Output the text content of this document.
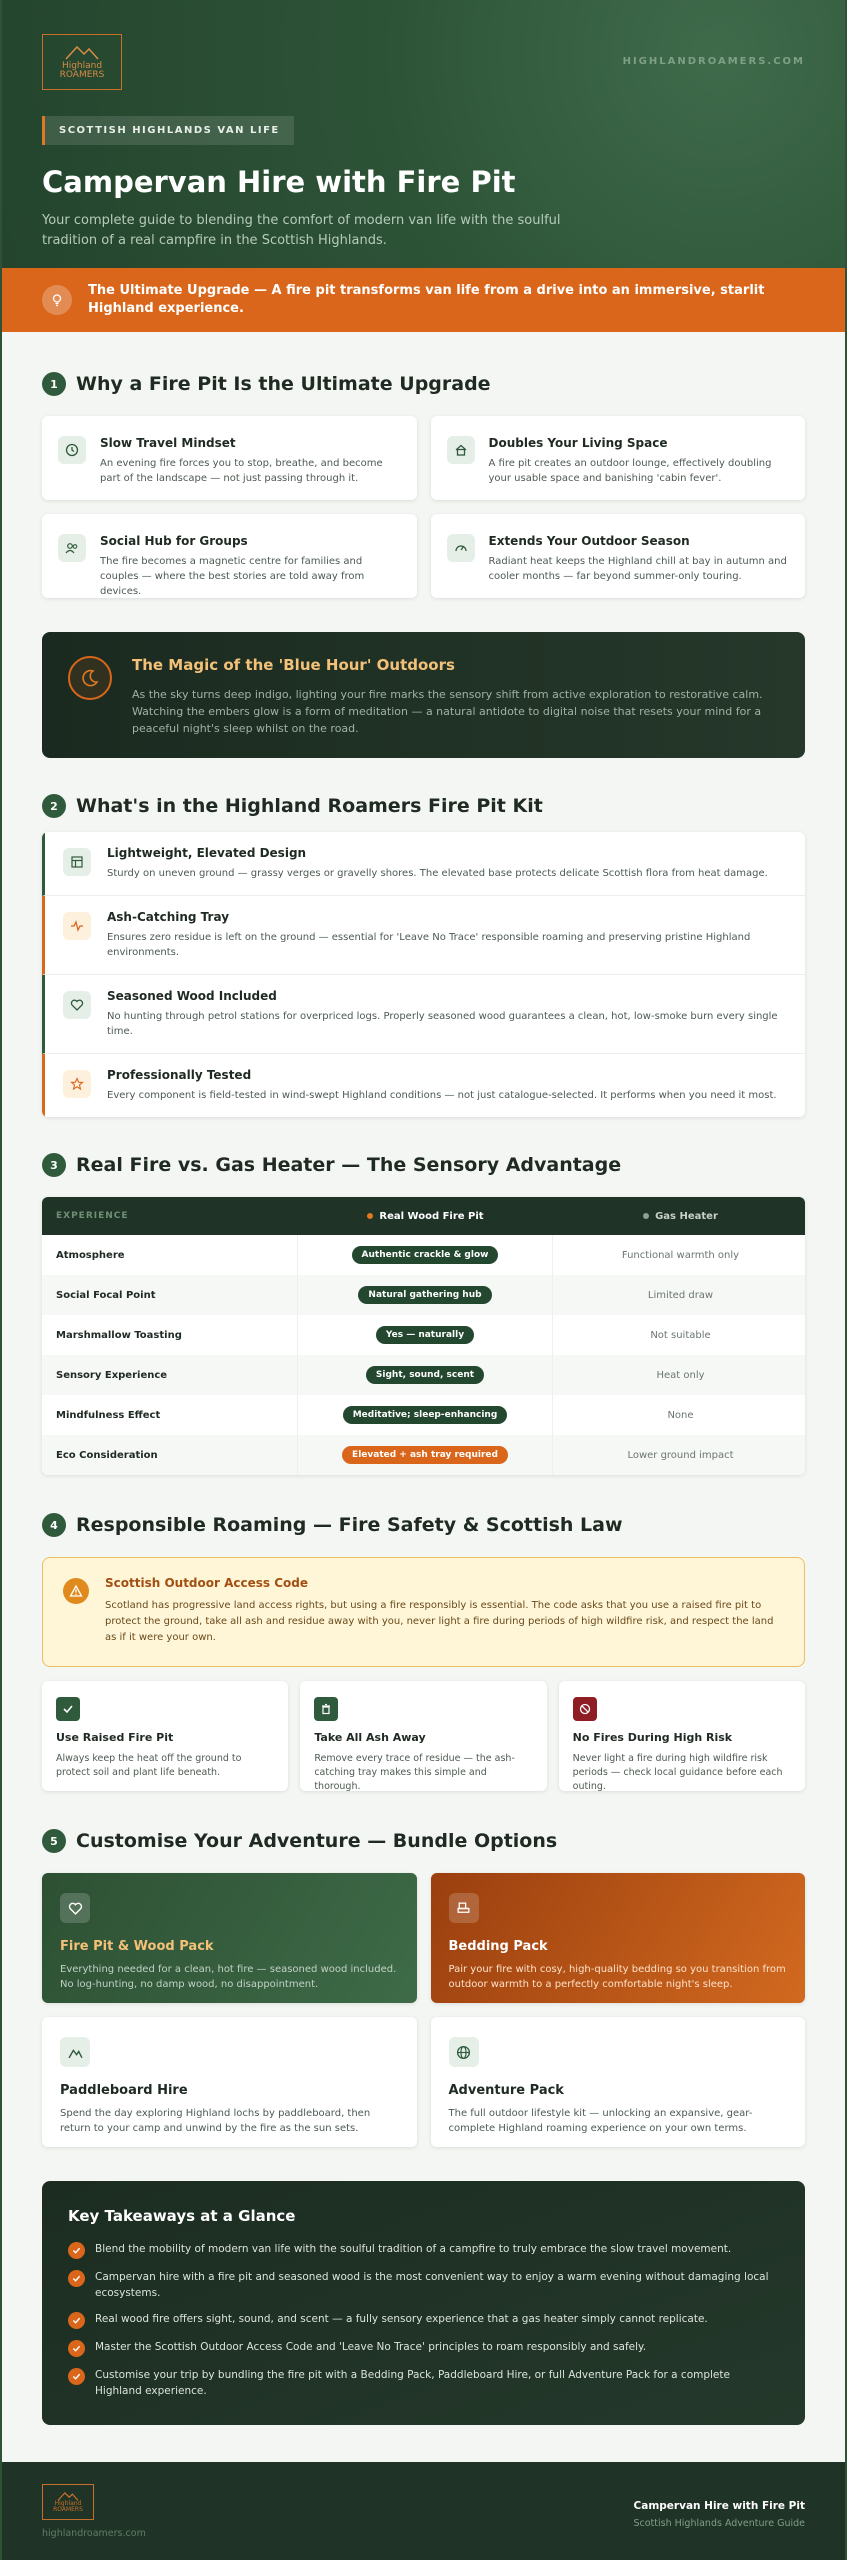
Highland
ROAMERS
HIGHLANDROAMERS.COM
SCOTTISH HIGHLANDS VAN LIFE
Campervan Hire with Fire Pit

Your complete guide to blending the comfort of modern van life with the soulful tradition of a real campfire in the Scottish Highlands.

The Ultimate Upgrade — A fire pit transforms van life from a drive into an immersive, starlit Highland experience.

1 Why a Fire Pit Is the Ultimate Upgrade
Slow Travel Mindset

An evening fire forces you to stop, breathe, and become part of the landscape — not just passing through it.

Doubles Your Living Space

A fire pit creates an outdoor lounge, effectively doubling your usable space and banishing 'cabin fever'.

Social Hub for Groups

The fire becomes a magnetic centre for families and couples — where the best stories are told away from devices.

Extends Your Outdoor Season

Radiant heat keeps the Highland chill at bay in autumn and cooler months — far beyond summer-only touring.

The Magic of the 'Blue Hour' Outdoors

As the sky turns deep indigo, lighting your fire marks the sensory shift from active exploration to restorative calm. Watching the embers glow is a form of meditation — a natural antidote to digital noise that resets your mind for a peaceful night's sleep whilst on the road.

2 What's in the Highland Roamers Fire Pit Kit
Lightweight, Elevated Design

Sturdy on uneven ground — grassy verges or gravelly shores. The elevated base protects delicate Scottish flora from heat damage.

Ash-Catching Tray

Ensures zero residue is left on the ground — essential for 'Leave No Trace' responsible roaming and preserving pristine Highland environments.

Seasoned Wood Included

No hunting through petrol stations for overpriced logs. Properly seasoned wood guarantees a clean, hot, low-smoke burn every single time.

Professionally Tested

Every component is field-tested in wind-swept Highland conditions — not just catalogue-selected. It performs when you need it most.

3 Real Fire vs. Gas Heater — The Sensory Advantage
EXPERIENCE	Real Wood Fire Pit	Gas Heater
Atmosphere	Authentic crackle & glow	Functional warmth only
Social Focal Point	Natural gathering hub	Limited draw
Marshmallow Toasting	Yes — naturally	Not suitable
Sensory Experience	Sight, sound, scent	Heat only
Mindfulness Effect	Meditative; sleep-enhancing	None
Eco Consideration	Elevated + ash tray required	Lower ground impact
4 Responsible Roaming — Fire Safety & Scottish Law
Scottish Outdoor Access Code

Scotland has progressive land access rights, but using a fire responsibly is essential. The code asks that you use a raised fire pit to protect the ground, take all ash and residue away with you, never light a fire during periods of high wildfire risk, and respect the land as if it were your own.

Use Raised Fire Pit

Always keep the heat off the ground to protect soil and plant life beneath.

Take All Ash Away

Remove every trace of residue — the ash-catching tray makes this simple and thorough.

No Fires During High Risk

Never light a fire during high wildfire risk periods — check local guidance before each outing.

5 Customise Your Adventure — Bundle Options
Fire Pit & Wood Pack

Everything needed for a clean, hot fire — seasoned wood included. No log-hunting, no damp wood, no disappointment.

Bedding Pack

Pair your fire with cosy, high-quality bedding so you transition from outdoor warmth to a perfectly comfortable night's sleep.

Paddleboard Hire

Spend the day exploring Highland lochs by paddleboard, then return to your camp and unwind by the fire as the sun sets.

Adventure Pack

The full outdoor lifestyle kit — unlocking an expansive, gear-complete Highland roaming experience on your own terms.

Key Takeaways at a Glance

Blend the mobility of modern van life with the soulful tradition of a campfire to truly embrace the slow travel movement.

Campervan hire with a fire pit and seasoned wood is the most convenient way to enjoy a warm evening without damaging local ecosystems.

Real wood fire offers sight, sound, and scent — a fully sensory experience that a gas heater simply cannot replicate.

Master the Scottish Outdoor Access Code and 'Leave No Trace' principles to roam responsibly and safely.

Customise your trip by bundling the fire pit with a Bedding Pack, Paddleboard Hire, or full Adventure Pack for a complete Highland experience.

Highland
ROAMERS
highlandroamers.com
Campervan Hire with Fire Pit
Scottish Highlands Adventure Guide
